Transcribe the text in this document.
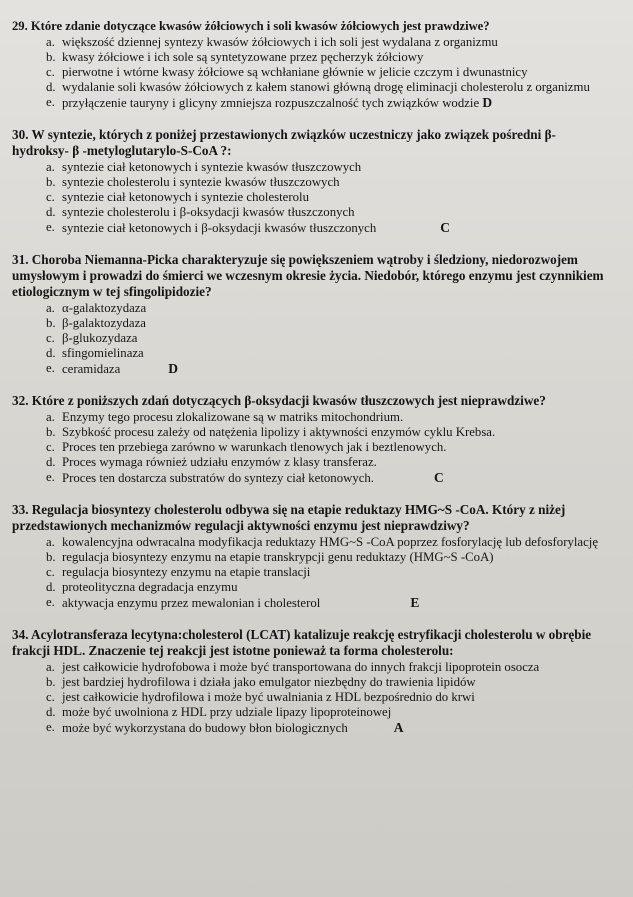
29. Które zdanie dotyczące kwasów żółciowych i soli kwasów żółciowych jest prawdziwe?

a. większość dziennej syntezy kwasów żółciowych i ich soli jest wydalana z organizmu
b. kwasy żółciowe i ich sole są syntetyzowane przez pęcherzyk żółciowy
c. pierwotne i wtórne kwasy żółciowe są wchłaniane głównie w jelicie czczym i dwunastnicy
d. wydalanie soli kwasów żółciowych z kałem stanowi główną drogę eliminacji cholesterolu z organizmu
e. przyłączenie tauryny i glicyny zmniejsza rozpuszczalność tych związków wodzie D

30. W syntezie, których z poniżej przestawionych związków uczestniczy jako związek pośredni β-hydroksy- β -metyloglutarylo-S-CoA ?:

a. syntezie ciał ketonowych i syntezie kwasów tłuszczowych
b. syntezie cholesterolu i syntezie kwasów tłuszczowych
c. syntezie ciał ketonowych i syntezie cholesterolu
d. syntezie cholesterolu i β-oksydacji kwasów tłuszczonych
e. syntezie ciał ketonowych i β-oksydacji kwasów tłuszczonych	C

31. Choroba Niemanna-Picka charakteryzuje się powiększeniem wątroby i śledziony, niedorozwojem umysłowym i prowadzi do śmierci we wczesnym okresie życia. Niedobór, którego enzymu jest czynnikiem etiologicznym w tej sfingolipidozie?

a. α-galaktozydaza
b. β-galaktozydaza
c. β-glukozydaza
d. sfingomielinaza
e. ceramidaza	D

32. Które z poniższych zdań dotyczących β-oksydacji kwasów tłuszczowych jest nieprawdziwe?

a. Enzymy tego procesu zlokalizowane są w matriks mitochondrium.
b. Szybkość procesu zależy od natężenia lipolizy i aktywności enzymów cyklu Krebsa.
c. Proces ten przebiega zarówno w warunkach tlenowych jak i beztlenowych.
d. Proces wymaga również udziału enzymów z klasy transferaz.
e. Proces ten dostarcza substratów do syntezy ciał ketonowych.	C

33. Regulacja biosyntezy cholesterolu odbywa się na etapie reduktazy HMG~S -CoA. Który z niżej przedstawionych mechanizmów regulacji aktywności enzymu jest nieprawdziwy?

a. kowalencyjna odwracalna modyfikacja reduktazy HMG~S -CoA poprzez fosforylację lub defosforylację
b. regulacja biosyntezy enzymu na etapie transkrypcji genu reduktazy (HMG~S -CoA)
c. regulacja biosyntezy enzymu na etapie translacji
d. proteolityczna degradacja enzymu
e. aktywacja enzymu przez mewalonian i cholesterol	E

34. Acylotransferaza lecytyna:cholesterol (LCAT) katalizuje reakcję estryfikacji cholesterolu w obrębie frakcji HDL. Znaczenie tej reakcji jest istotne ponieważ ta forma cholesterolu:

a. jest całkowicie hydrofobowa i może być transportowana do innych frakcji lipoprotein osocza
b. jest bardziej hydrofilowa i działa jako emulgator niezbędny do trawienia lipidów
c. jest całkowicie hydrofilowa i może być uwalniania z HDL bezpośrednio do krwi
d. może być uwolniona z HDL przy udziale lipazy lipoproteinowej
e. może być wykorzystana do budowy błon biologicznych	A
